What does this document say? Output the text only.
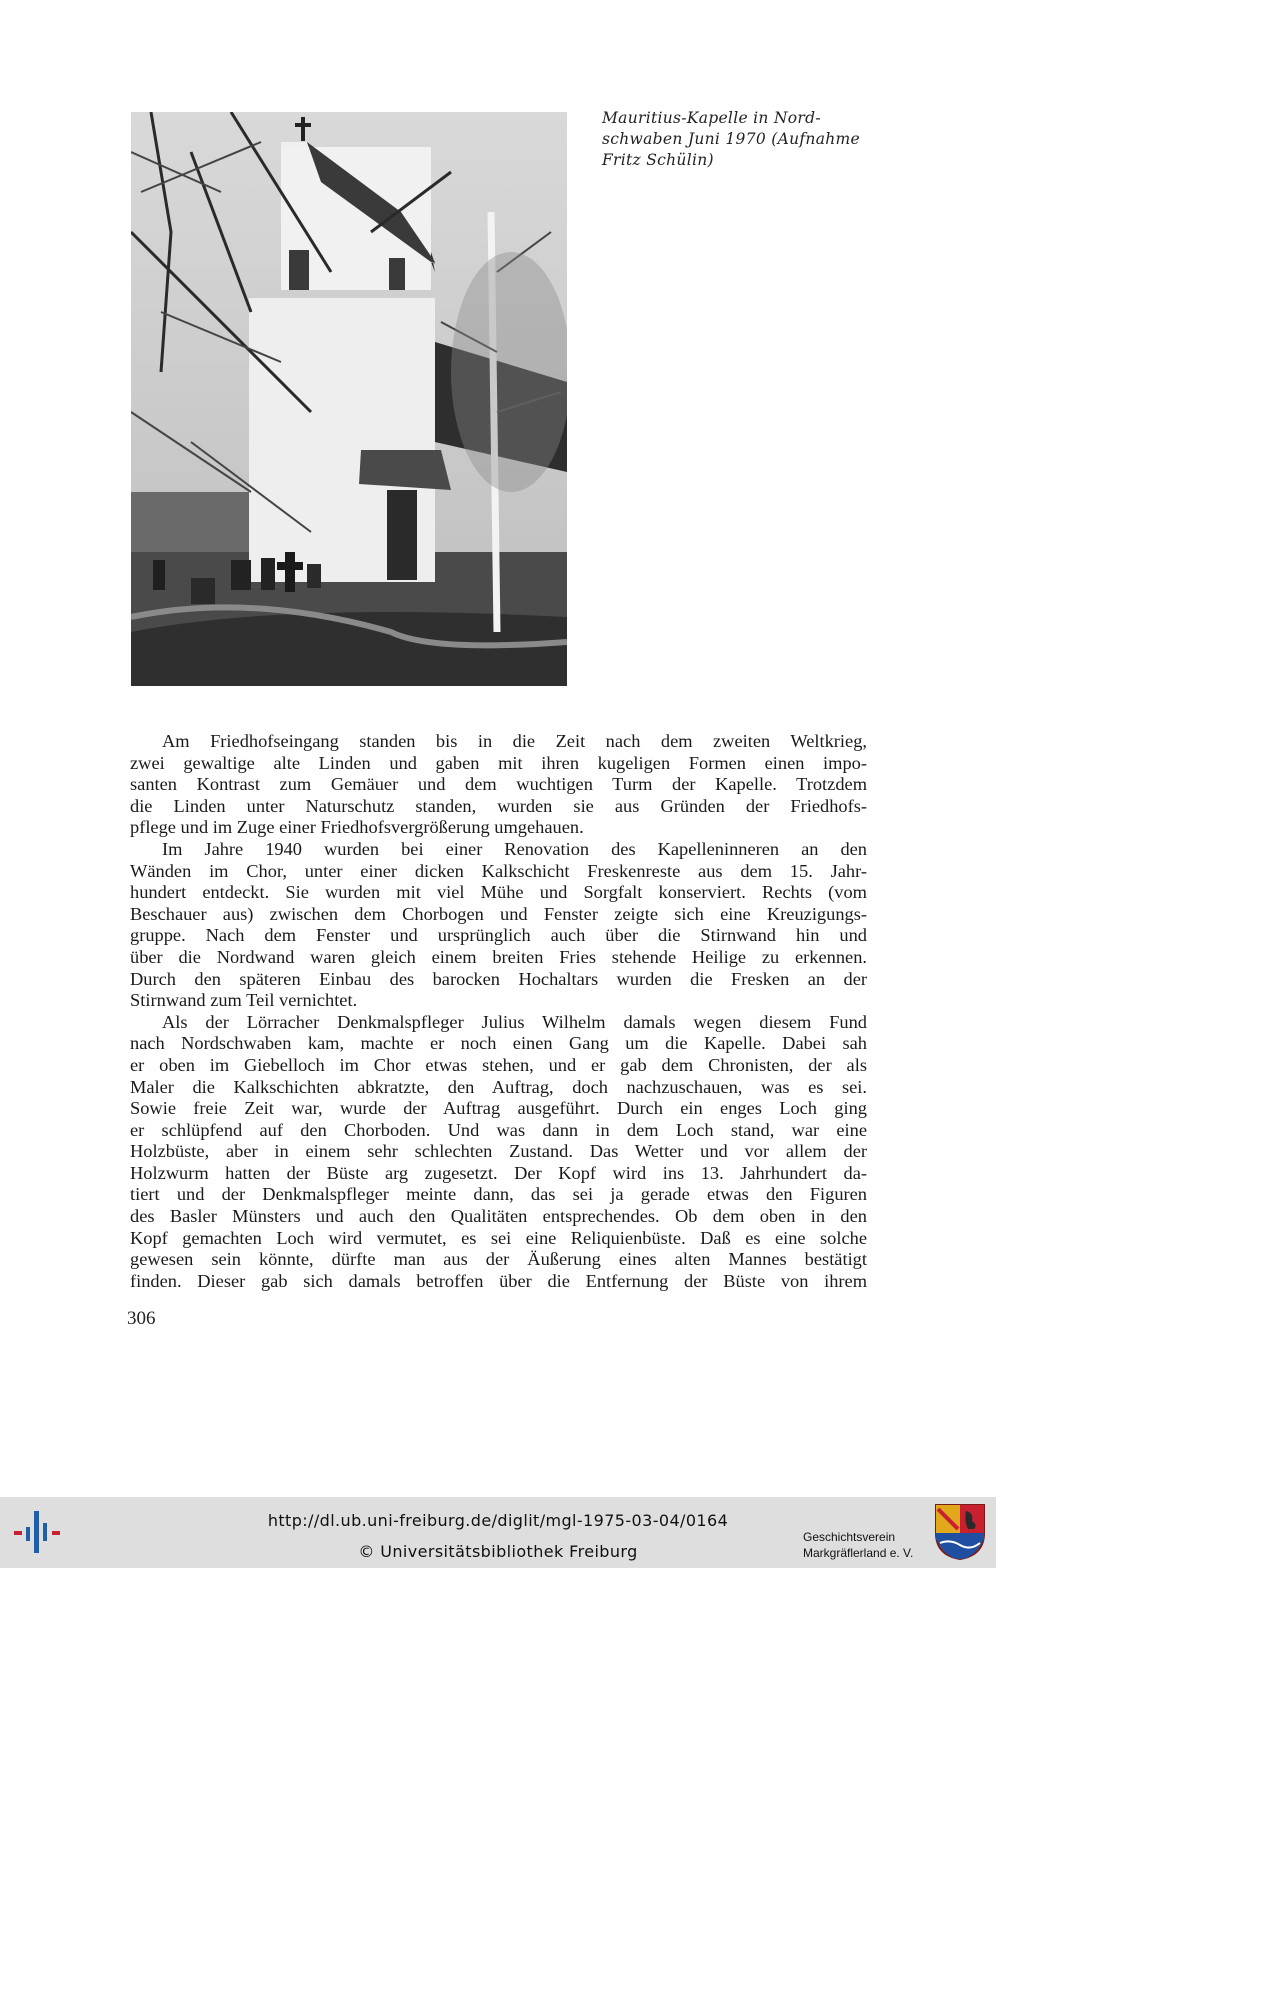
Mauritius-Kapelle in Nord-
schwaben Juni 1970 (Aufnahme
Fritz Schülin)
Am Friedhofseingang standen bis in die Zeit nach dem zweiten Weltkrieg,
zwei gewaltige alte Linden und gaben mit ihren kugeligen Formen einen impo-
santen Kontrast zum Gemäuer und dem wuchtigen Turm der Kapelle. Trotzdem
die Linden unter Naturschutz standen, wurden sie aus Gründen der Friedhofs-
pflege und im Zuge einer Friedhofsvergrößerung umgehauen.
Im Jahre 1940 wurden bei einer Renovation des Kapelleninneren an den
Wänden im Chor, unter einer dicken Kalkschicht Freskenreste aus dem 15. Jahr-
hundert entdeckt. Sie wurden mit viel Mühe und Sorgfalt konserviert. Rechts (vom
Beschauer aus) zwischen dem Chorbogen und Fenster zeigte sich eine Kreuzigungs-
gruppe. Nach dem Fenster und ursprünglich auch über die Stirnwand hin und
über die Nordwand waren gleich einem breiten Fries stehende Heilige zu erkennen.
Durch den späteren Einbau des barocken Hochaltars wurden die Fresken an der
Stirnwand zum Teil vernichtet.
Als der Lörracher Denkmalspfleger Julius Wilhelm damals wegen diesem Fund
nach Nordschwaben kam, machte er noch einen Gang um die Kapelle. Dabei sah
er oben im Giebelloch im Chor etwas stehen, und er gab dem Chronisten, der als
Maler die Kalkschichten abkratzte, den Auftrag, doch nachzuschauen, was es sei.
Sowie freie Zeit war, wurde der Auftrag ausgeführt. Durch ein enges Loch ging
er schlüpfend auf den Chorboden. Und was dann in dem Loch stand, war eine
Holzbüste, aber in einem sehr schlechten Zustand. Das Wetter und vor allem der
Holzwurm hatten der Büste arg zugesetzt. Der Kopf wird ins 13. Jahrhundert da-
tiert und der Denkmalspfleger meinte dann, das sei ja gerade etwas den Figuren
des Basler Münsters und auch den Qualitäten entsprechendes. Ob dem oben in den
Kopf gemachten Loch wird vermutet, es sei eine Reliquienbüste. Daß es eine solche
gewesen sein könnte, dürfte man aus der Äußerung eines alten Mannes bestätigt
finden. Dieser gab sich damals betroffen über die Entfernung der Büste von ihrem
306
http://dl.ub.uni-freiburg.de/diglit/mgl-1975-03-04/0164
© Universitätsbibliothek Freiburg
Geschichtsverein
Markgräflerland e. V.
